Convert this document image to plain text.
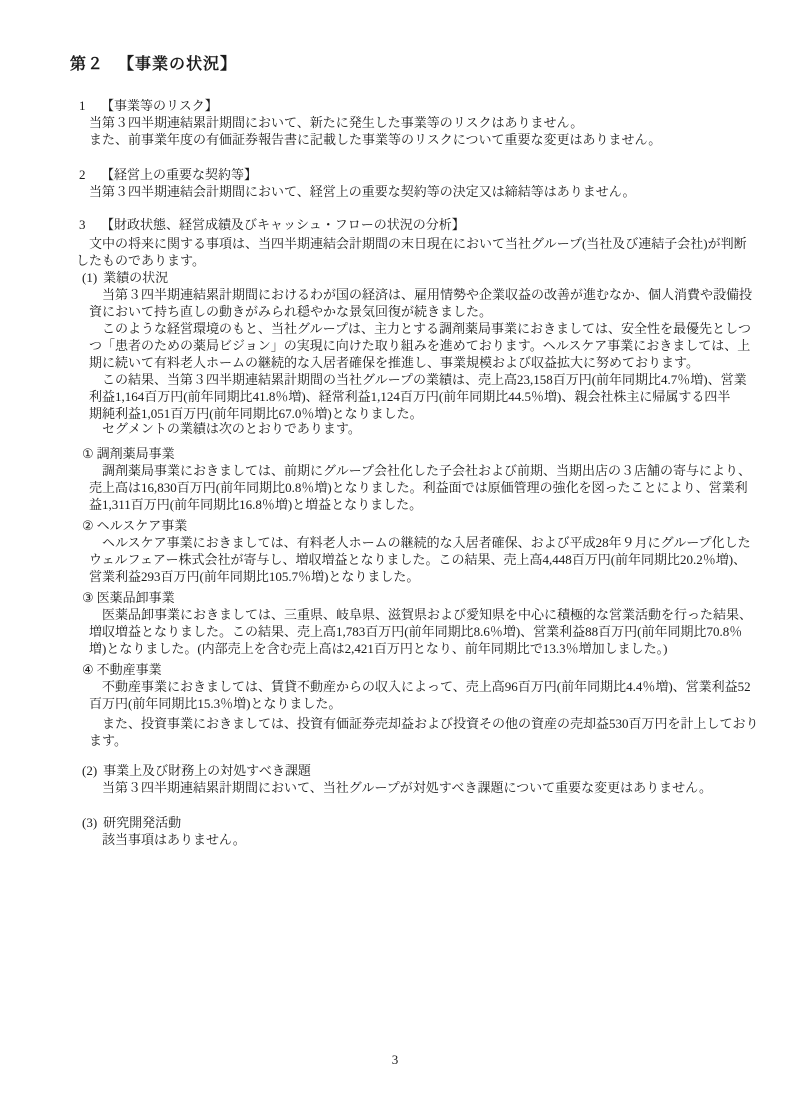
第２ 【事業の状況】
1 【事業等のリスク】
当第３四半期連結累計期間において、新たに発生した事業等のリスクはありません。
また、前事業年度の有価証券報告書に記載した事業等のリスクについて重要な変更はありません。
2 【経営上の重要な契約等】
当第３四半期連結会計期間において、経営上の重要な契約等の決定又は締結等はありません。
3 【財政状態、経営成績及びキャッシュ・フローの状況の分析】
文中の将来に関する事項は、当四半期連結会計期間の末日現在において当社グループ(当社及び連結子会社)が判断
したものであります。
(1) 業績の状況
当第３四半期連結累計期間におけるわが国の経済は、雇用情勢や企業収益の改善が進むなか、個人消費や設備投
資において持ち直しの動きがみられ穏やかな景気回復が続きました。
このような経営環境のもと、当社グループは、主力とする調剤薬局事業におきましては、安全性を最優先としつ
つ「患者のための薬局ビジョン」の実現に向けた取り組みを進めております。ヘルスケア事業におきましては、上
期に続いて有料老人ホームの継続的な入居者確保を推進し、事業規模および収益拡大に努めております。
この結果、当第３四半期連結累計期間の当社グループの業績は、売上高23,158百万円(前年同期比4.7％増)、営業
利益1,164百万円(前年同期比41.8％増)、経常利益1,124百万円(前年同期比44.5％増)、親会社株主に帰属する四半
期純利益1,051百万円(前年同期比67.0％増)となりました。
セグメントの業績は次のとおりであります。
① 調剤薬局事業
調剤薬局事業におきましては、前期にグループ会社化した子会社および前期、当期出店の３店舗の寄与により、
売上高は16,830百万円(前年同期比0.8％増)となりました。利益面では原価管理の強化を図ったことにより、営業利
益1,311百万円(前年同期比16.8％増)と増益となりました。
② ヘルスケア事業
ヘルスケア事業におきましては、有料老人ホームの継続的な入居者確保、および平成28年９月にグループ化した
ウェルフェアー株式会社が寄与し、増収増益となりました。この結果、売上高4,448百万円(前年同期比20.2％増)、
営業利益293百万円(前年同期比105.7％増)となりました。
③ 医薬品卸事業
医薬品卸事業におきましては、三重県、岐阜県、滋賀県および愛知県を中心に積極的な営業活動を行った結果、
増収増益となりました。この結果、売上高1,783百万円(前年同期比8.6％増)、営業利益88百万円(前年同期比70.8％
増)となりました。(内部売上を含む売上高は2,421百万円となり、前年同期比で13.3％増加しました。)
④ 不動産事業
不動産事業におきましては、賃貸不動産からの収入によって、売上高96百万円(前年同期比4.4％増)、営業利益52
百万円(前年同期比15.3％増)となりました。
また、投資事業におきましては、投資有価証券売却益および投資その他の資産の売却益530百万円を計上しており
ます。
(2) 事業上及び財務上の対処すべき課題
当第３四半期連結累計期間において、当社グループが対処すべき課題について重要な変更はありません。
(3) 研究開発活動
該当事項はありません。
3
